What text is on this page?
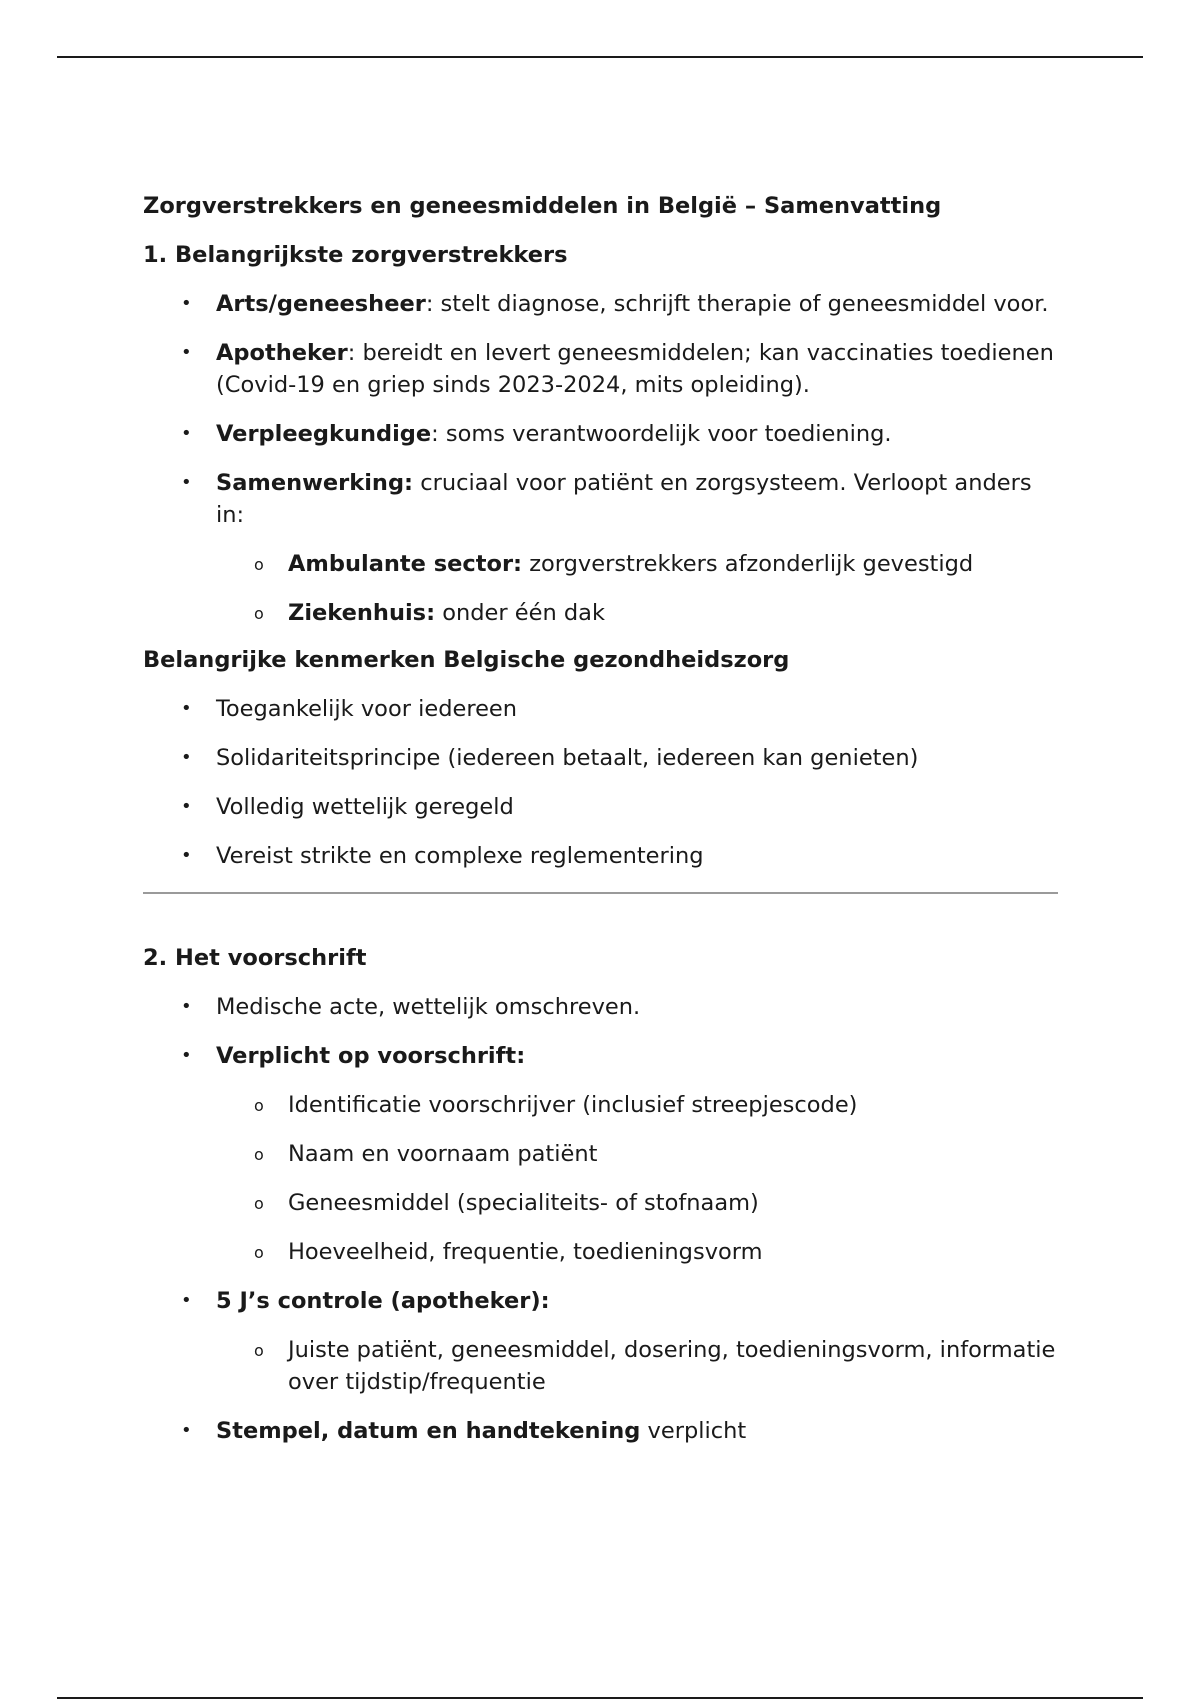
Zorgverstrekkers en geneesmiddelen in België – Samenvatting

1. Belangrijkste zorgverstrekkers

• Arts/geneesheer: stelt diagnose, schrijft therapie of geneesmiddel voor.
• Apotheker: bereidt en levert geneesmiddelen; kan vaccinaties toedienen (Covid-19 en griep sinds 2023-2024, mits opleiding).
• Verpleegkundige: soms verantwoordelijk voor toediening.
• Samenwerking: cruciaal voor patiënt en zorgsysteem. Verloopt anders in:
o Ambulante sector: zorgverstrekkers afzonderlijk gevestigd
o Ziekenhuis: onder één dak

Belangrijke kenmerken Belgische gezondheidszorg

• Toegankelijk voor iedereen
• Solidariteitsprincipe (iedereen betaalt, iedereen kan genieten)
• Volledig wettelijk geregeld
• Vereist strikte en complexe reglementering

2. Het voorschrift

• Medische acte, wettelijk omschreven.
• Verplicht op voorschrift:
o Identificatie voorschrijver (inclusief streepjescode)
o Naam en voornaam patiënt
o Geneesmiddel (specialiteits- of stofnaam)
o Hoeveelheid, frequentie, toedieningsvorm
• 5 J’s controle (apotheker):
o Juiste patiënt, geneesmiddel, dosering, toedieningsvorm, informatie over tijdstip/frequentie
• Stempel, datum en handtekening verplicht
